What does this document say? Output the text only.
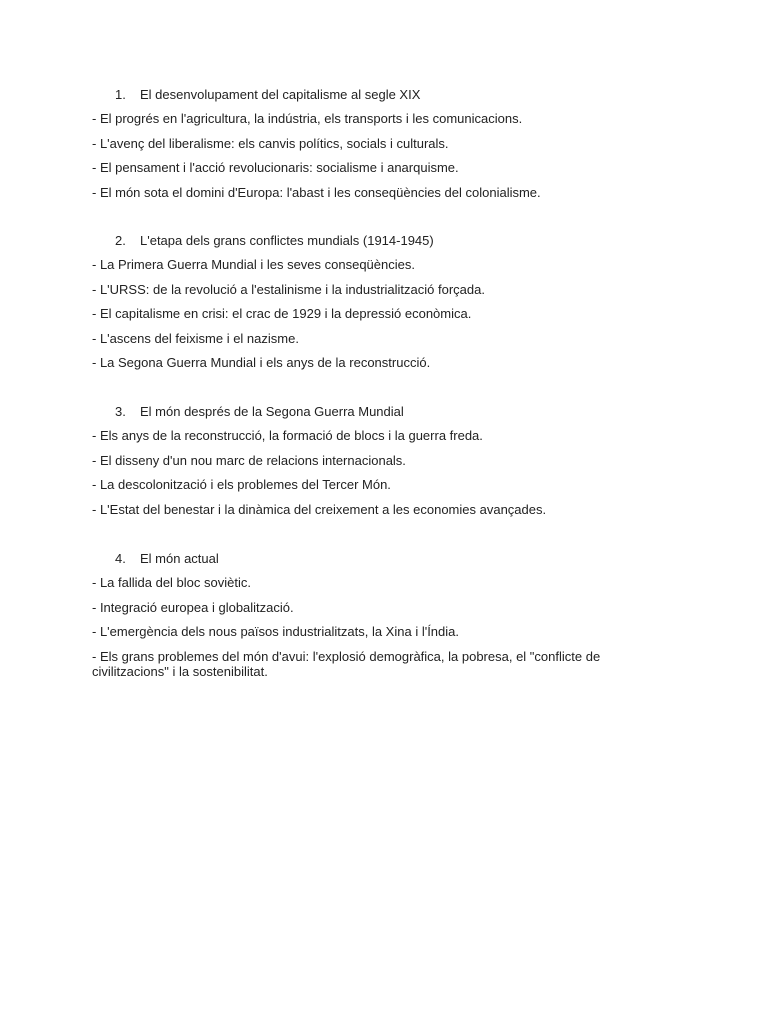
1. El desenvolupament del capitalisme al segle XIX
- El progrés en l'agricultura, la indústria, els transports i les comunicacions.
- L'avenç del liberalisme: els canvis polítics, socials i culturals.
- El pensament i l'acció revolucionaris: socialisme i anarquisme.
- El món sota el domini d'Europa: l'abast i les conseqüències del colonialisme.
2. L'etapa dels grans conflictes mundials (1914-1945)
- La Primera Guerra Mundial i les seves conseqüències.
- L'URSS: de la revolució a l'estalinisme i la industrialització forçada.
- El capitalisme en crisi: el crac de 1929 i la depressió econòmica.
- L'ascens del feixisme i el nazisme.
- La Segona Guerra Mundial i els anys de la reconstrucció.
3. El món després de la Segona Guerra Mundial
- Els anys de la reconstrucció, la formació de blocs i la guerra freda.
- El disseny d'un nou marc de relacions internacionals.
- La descolonització i els problemes del Tercer Món.
- L'Estat del benestar i la dinàmica del creixement a les economies avançades.
4. El món actual
- La fallida del bloc soviètic.
- Integració europea i globalització.
- L'emergència dels nous països industrialitzats, la Xina i l'Índia.
- Els grans problemes del món d'avui: l'explosió demogràfica, la pobresa, el "conflicte de civilitzacions" i la sostenibilitat.
